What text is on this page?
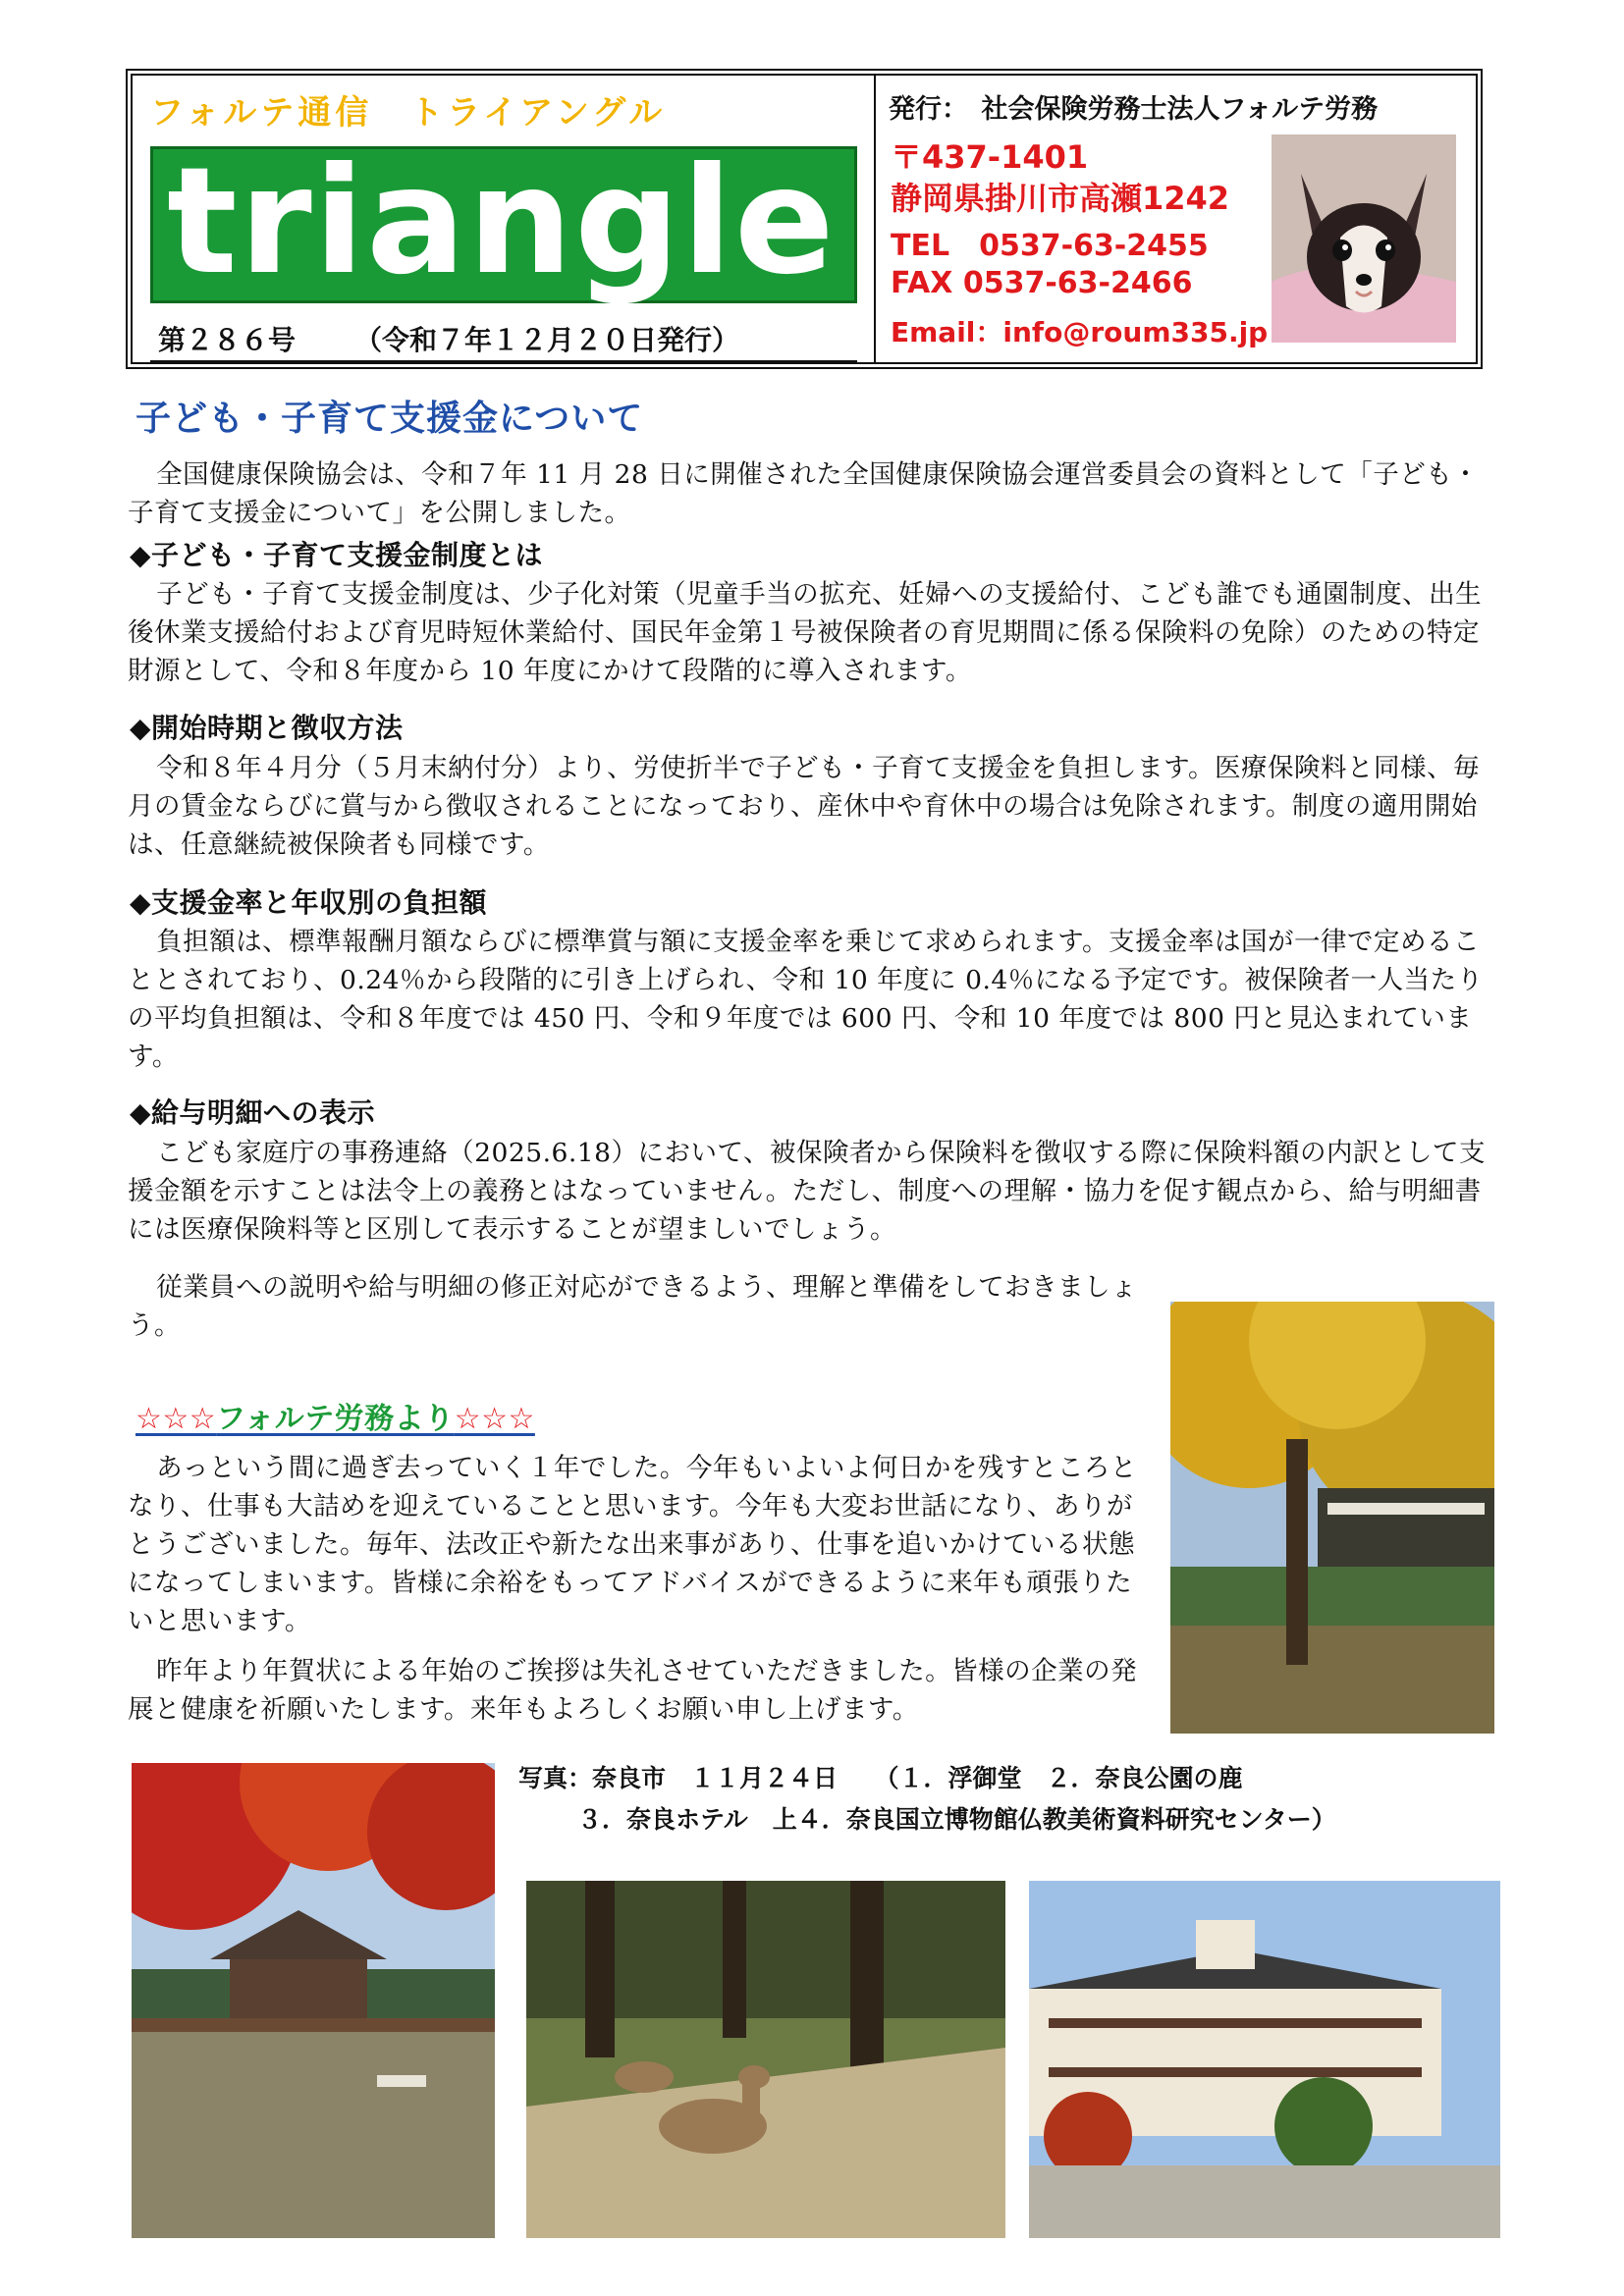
フォルテ通信　トライアングル
triangle
第２８６号 （令和７年１２月２０日発行）
発行：　社会保険労務士法人フォルテ労務
〒437-1401
静岡県掛川市高瀬1242
TEL　0537-63-2455
FAX 0537-63-2466
Email：info@roum335.jp
子ども・子育て支援金について

全国健康保険協会は、令和７年 11 月 28 日に開催された全国健康保険協会運営委員会の資料として「子ども・子育て支援金について」を公開しました。

◆子ども・子育て支援金制度とは

子ども・子育て支援金制度は、少子化対策（児童手当の拡充、妊婦への支援給付、こども誰でも通園制度、出生後休業支援給付および育児時短休業給付、国民年金第１号被保険者の育児期間に係る保険料の免除）のための特定財源として、令和８年度から 10 年度にかけて段階的に導入されます。

◆開始時期と徴収方法

令和８年４月分（５月末納付分）より、労使折半で子ども・子育て支援金を負担します。医療保険料と同様、毎月の賃金ならびに賞与から徴収されることになっており、産休中や育休中の場合は免除されます。制度の適用開始は、任意継続被保険者も同様です。

◆支援金率と年収別の負担額

負担額は、標準報酬月額ならびに標準賞与額に支援金率を乗じて求められます。支援金率は国が一律で定めることとされており、0.24％から段階的に引き上げられ、令和 10 年度に 0.4％になる予定です。被保険者一人当たりの平均負担額は、令和８年度では 450 円、令和９年度では 600 円、令和 10 年度では 800 円と見込まれています。

◆給与明細への表示

こども家庭庁の事務連絡（2025.6.18）において、被保険者から保険料を徴収する際に保険料額の内訳として支援金額を示すことは法令上の義務とはなっていません。ただし、制度への理解・協力を促す観点から、給与明細書には医療保険料等と区別して表示することが望ましいでしょう。

従業員への説明や給与明細の修正対応ができるよう、理解と準備をしておきましょう。

☆☆☆フォルテ労務より☆☆☆

あっという間に過ぎ去っていく１年でした。今年もいよいよ何日かを残すところとなり、仕事も大詰めを迎えていることと思います。今年も大変お世話になり、ありがとうございました。毎年、法改正や新たな出来事があり、仕事を追いかけている状態になってしまいます。皆様に余裕をもってアドバイスができるように来年も頑張りたいと思います。

昨年より年賀状による年始のご挨拶は失礼させていただきました。皆様の企業の発展と健康を祈願いたします。来年もよろしくお願い申し上げます。

写真：奈良市　１１月２４日　　（１．浮御堂　２．奈良公園の鹿
３．奈良ホテル　上４．奈良国立博物館仏教美術資料研究センター）
